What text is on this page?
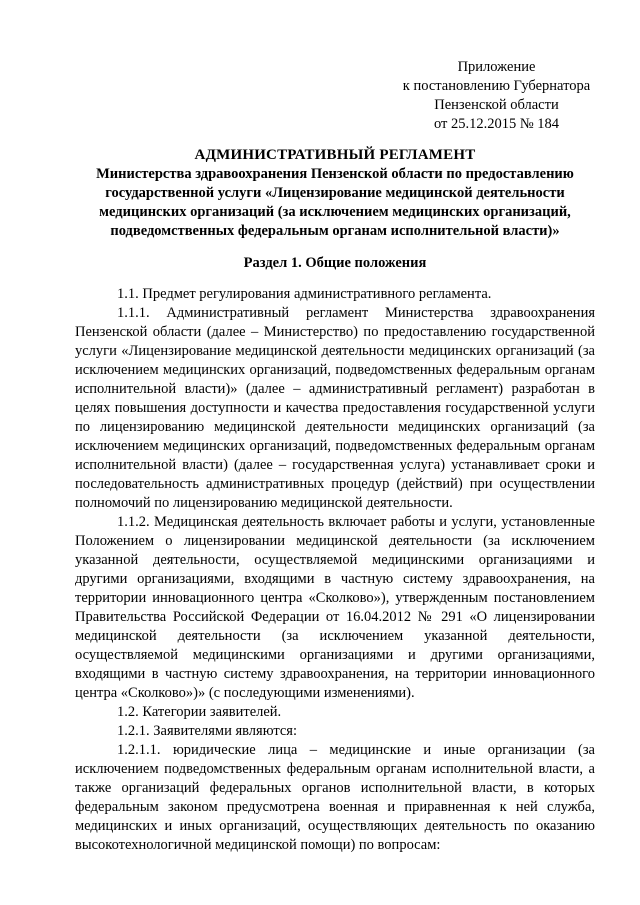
Приложение
к постановлению Губернатора
Пензенской области
от 25.12.2015 № 184
АДМИНИСТРАТИВНЫЙ РЕГЛАМЕНТ
Министерства здравоохранения Пензенской области по предоставлению
государственной услуги «Лицензирование медицинской деятельности
медицинских организаций (за исключением медицинских организаций,
подведомственных федеральным органам исполнительной власти)»
Раздел 1. Общие положения

1.1. Предмет регулирования административного регламента.

1.1.1. Административный регламент Министерства здравоохранения Пензенской области (далее – Министерство) по предоставлению государственной услуги «Лицензирование медицинской деятельности медицинских организаций (за исключением медицинских организаций, подведомственных федеральным органам исполнительной власти)» (далее – административный регламент) разработан в целях повышения доступности и качества предоставления государственной услуги по лицензированию медицинской деятельности медицинских организаций (за исключением медицинских организаций, подведомственных федеральным органам исполнительной власти) (далее – государственная услуга) устанавливает сроки и последовательность административных процедур (действий) при осуществлении полномочий по лицензированию медицинской деятельности.

1.1.2. Медицинская деятельность включает работы и услуги, установленные Положением о лицензировании медицинской деятельности (за исключением указанной деятельности, осуществляемой медицинскими организациями и другими организациями, входящими в частную систему здравоохранения, на территории инновационного центра «Сколково»), утвержденным постановлением Правительства Российской Федерации от 16.04.2012 № 291 «О лицензировании медицинской деятельности (за исключением указанной деятельности, осуществляемой медицинскими организациями и другими организациями, входящими в частную систему здравоохранения, на территории инновационного центра «Сколково»)» (с последующими изменениями).

1.2. Категории заявителей.

1.2.1. Заявителями являются:

1.2.1.1. юридические лица – медицинские и иные организации (за исключением подведомственных федеральным органам исполнительной власти, а также организаций федеральных органов исполнительной власти, в которых федеральным законом предусмотрена военная и приравненная к ней служба, медицинских и иных организаций, осуществляющих деятельность по оказанию высокотехнологичной медицинской помощи) по вопросам:
